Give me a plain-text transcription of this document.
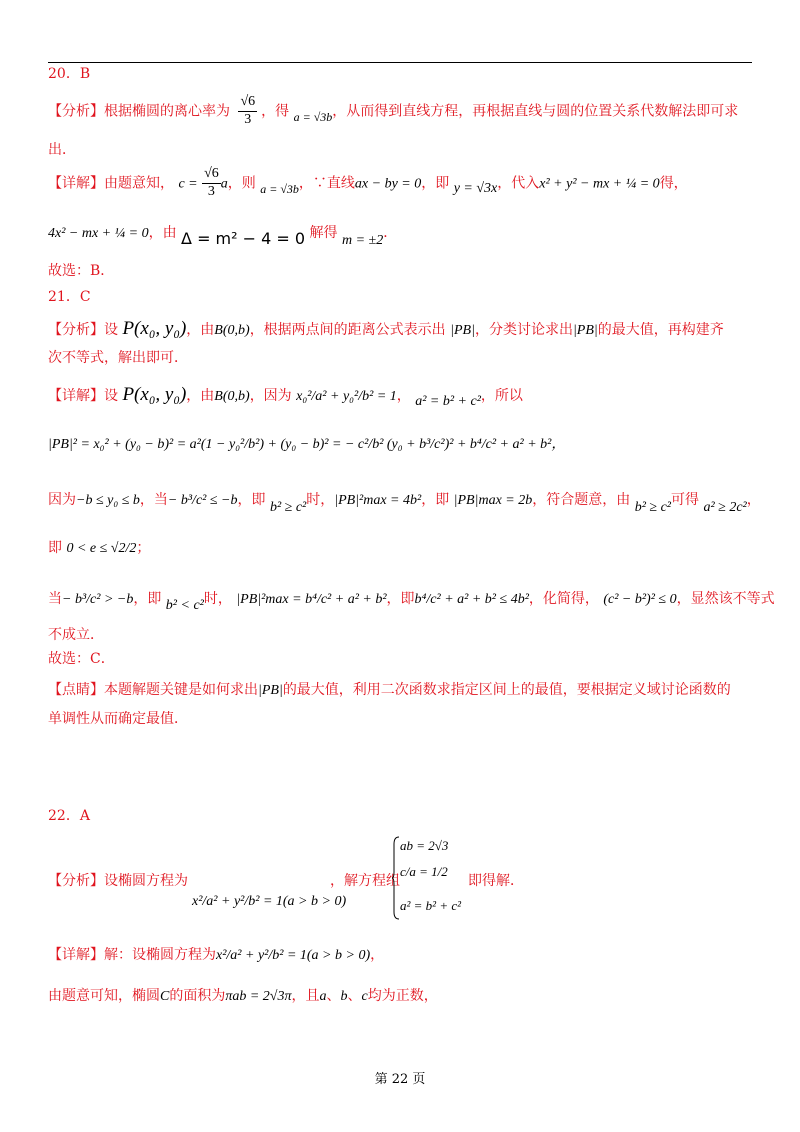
20．B
【分析】根据椭圆的离心率为 $\frac{√6}{3}$ ，得 a = √3b，从而得到直线方程，再根据直线与圆的位置关系代数解法即可求
出．
【详解】由题意知， $c = \frac{√6}{3}$ a，则 a = √3b，∵直线ax − by = 0，即 y = √3x，代入x² + y² − mx + ¼ = 0得，
4x² − mx + ¼ = 0，由 Δ = m² − 4 = 0 解得 m = ±2．
故选：B．
21．C
【分析】设 P(x₀, y₀)，由B(0,b)，根据两点间的距离公式表示出 |PB|，分类讨论求出|PB|的最大值，再构建齐
次不等式，解出即可．
【详解】设 P(x₀, y₀)，由B(0,b)，因为 x₀²/a² + y₀²/b² = 1， a² = b² + c²，所以
|PB|² = x₀² + (y₀ − b)² = a²(1 − y₀²/b²) + (y₀ − b)² = − c²/b² (y₀ + b³/c²)² + b⁴/c² + a² + b²，
因为−b ≤ y₀ ≤ b，当− b³/c² ≤ −b，即 b² ≥ c²时，|PB|²max = 4b²，即 |PB|max = 2b，符合题意，由 b² ≥ c²可得 a² ≥ 2c²，
即 0 < e ≤ √2/2；
当− b³/c² > −b，即 b² < c²时， |PB|²max = b⁴/c² + a² + b²，即b⁴/c² + a² + b² ≤ 4b²，化简得， (c² − b²)² ≤ 0，显然该不等式
不成立．
故选：C．
【点睛】本题解题关键是如何求出|PB|的最大值，利用二次函数求指定区间上的最值，要根据定义域讨论函数的
单调性从而确定最值．
22．A
【分析】设椭圆方程为
x²/a² + y²/b² = 1(a > b > 0)
，解方程组
ab = 2√3
c/a = 1/2
a² = b² + c²
即得解．
【详解】解：设椭圆方程为x²/a² + y²/b² = 1(a > b > 0)，
由题意可知，椭圆C的面积为πab = 2√3π，且a、b、c均为正数，
第 22 页
